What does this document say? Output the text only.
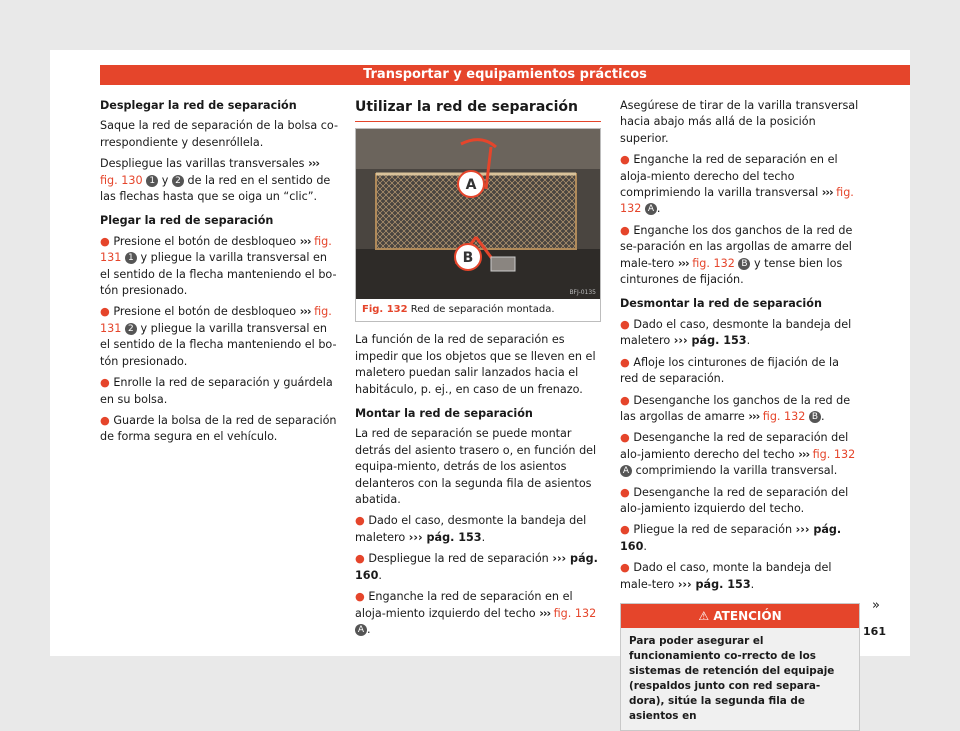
Transportar y equipamientos prácticos
Desplegar la red de separación

Saque la red de separación de la bolsa co-rrespondiente y desenróllela.

Despliegue las varillas transversales ››› fig. 130 1 y 2 de la red en el sentido de las flechas hasta que se oiga un “clic”.

Plegar la red de separación
● Presione el botón de desbloqueo ››› fig. 131 1 y pliegue la varilla transversal en el sentido de la flecha manteniendo el bo-tón presionado.
● Presione el botón de desbloqueo ››› fig. 131 2 y pliegue la varilla transversal en el sentido de la flecha manteniendo el bo-tón presionado.
● Enrolle la red de separación y guárdela en su bolsa.
● Guarde la bolsa de la red de separación de forma segura en el vehículo.
Utilizar la red de separación
A
B
BFJ-0135
Fig. 132 Red de separación montada.

La función de la red de separación es impedir que los objetos que se lleven en el maletero puedan salir lanzados hacia el habitáculo, p. ej., en caso de un frenazo.

Montar la red de separación

La red de separación se puede montar detrás del asiento trasero o, en función del equipa-miento, detrás de los asientos delanteros con la segunda fila de asientos abatida.

● Dado el caso, desmonte la bandeja del maletero ››› pág. 153.
● Despliegue la red de separación ››› pág. 160.
● Enganche la red de separación en el aloja-miento izquierdo del techo ››› fig. 132 A .

Asegúrese de tirar de la varilla transversal hacia abajo más allá de la posición superior.

● Enganche la red de separación en el aloja-miento derecho del techo comprimiendo la varilla transversal ››› fig. 132 A .
● Enganche los dos ganchos de la red de se-paración en las argollas de amarre del male-tero ››› fig. 132 B y tense bien los cinturones de fijación.
Desmontar la red de separación
● Dado el caso, desmonte la bandeja del maletero ››› pág. 153.
● Afloje los cinturones de fijación de la red de separación.
● Desenganche los ganchos de la red de las argollas de amarre ››› fig. 132 B .
● Desenganche la red de separación del alo-jamiento derecho del techo ››› fig. 132 A comprimiendo la varilla transversal.
● Desenganche la red de separación del alo-jamiento izquierdo del techo.
● Pliegue la red de separación ››› pág. 160.
● Dado el caso, monte la bandeja del male-tero ››› pág. 153.
⚠ ATENCIÓN
Para poder asegurar el funcionamiento co-rrecto de los sistemas de retención del equipaje (respaldos junto con red separa-dora), sitúe la segunda fila de asientos en
»
161
